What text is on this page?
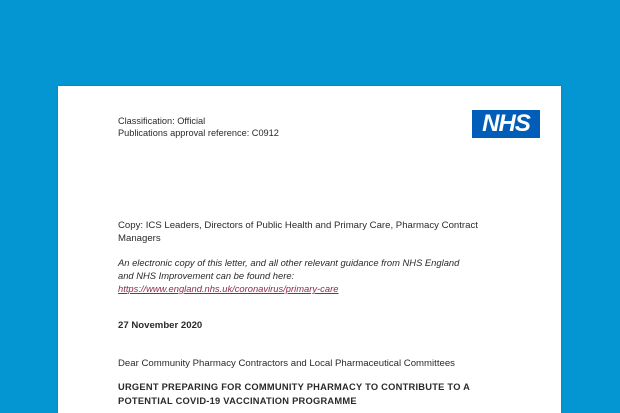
Classification: Official
Publications approval reference: C0912	NHS
Copy: ICS Leaders, Directors of Public Health and Primary Care, Pharmacy Contract
Managers
An electronic copy of this letter, and all other relevant guidance from NHS England
and NHS Improvement can be found here:
https://www.england.nhs.uk/coronavirus/primary-care
27 November 2020
Dear Community Pharmacy Contractors and Local Pharmaceutical Committees
URGENT PREPARING FOR COMMUNITY PHARMACY TO CONTRIBUTE TO A
POTENTIAL COVID-19 VACCINATION PROGRAMME
